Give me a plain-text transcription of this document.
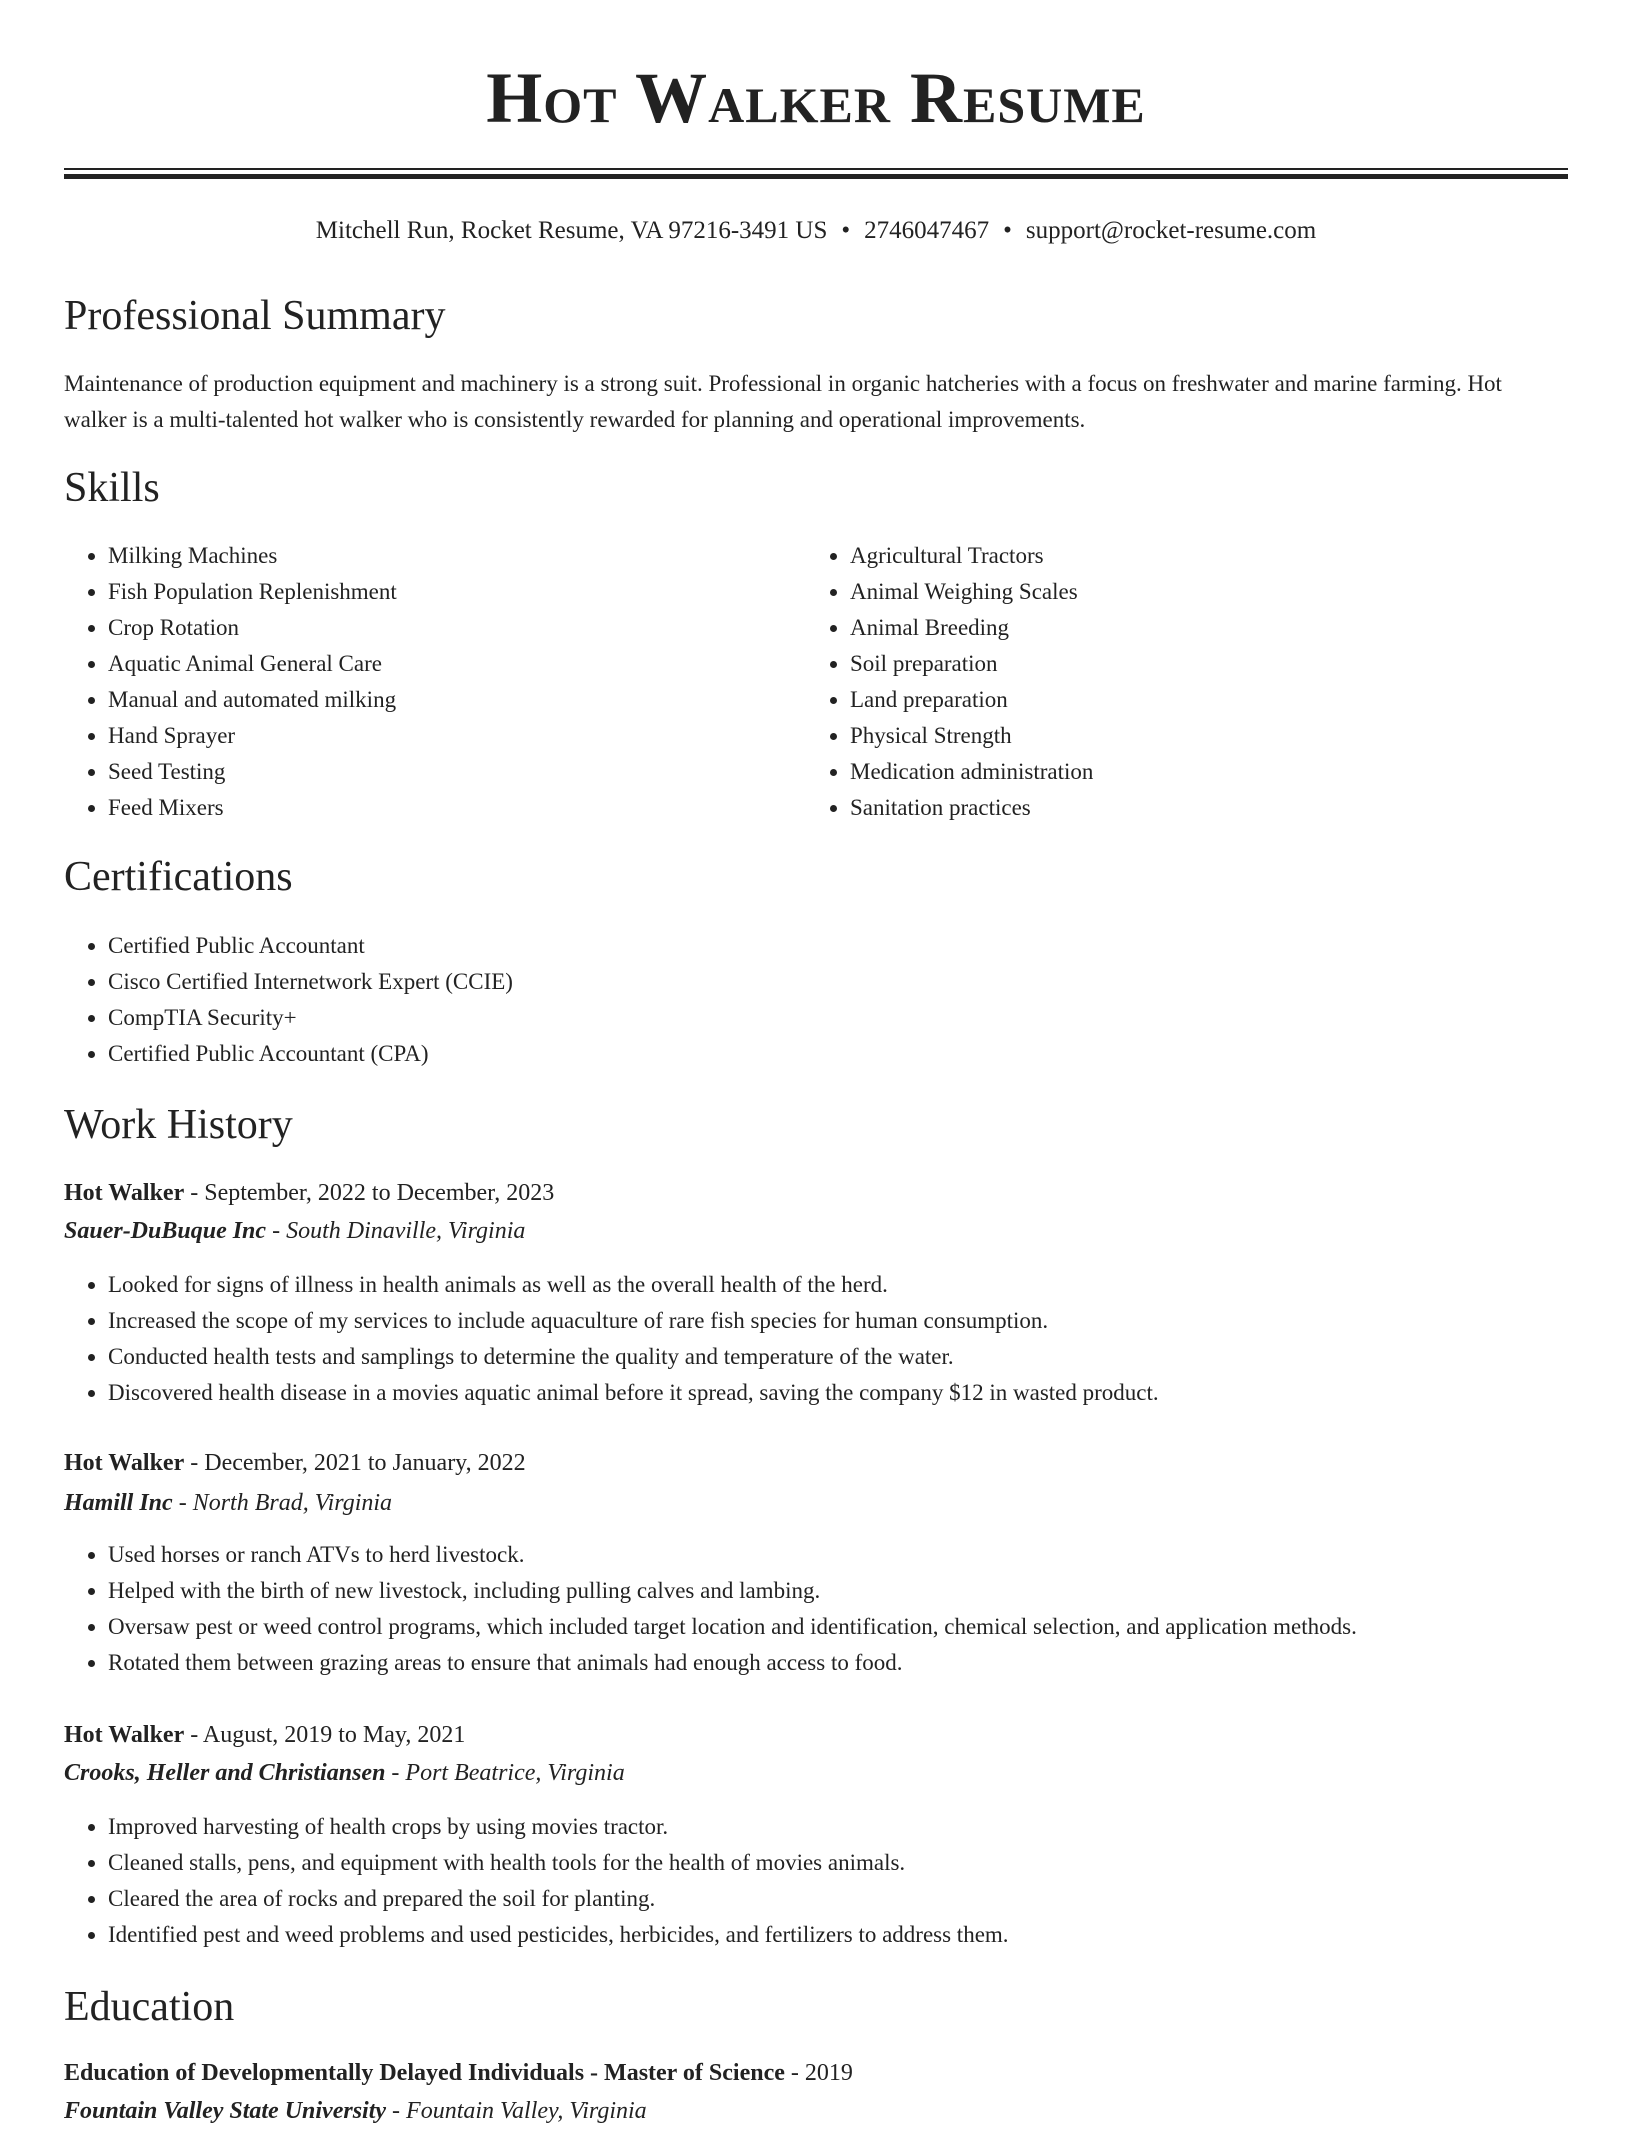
Hot Walker Resume
Mitchell Run, Rocket Resume, VA 97216-3491 US • 2746047467 • support@rocket-resume.com
Professional Summary

Maintenance of production equipment and machinery is a strong suit. Professional in organic hatcheries with a focus on freshwater and marine farming. Hot walker is a multi-talented hot walker who is consistently rewarded for planning and operational improvements.

Skills
• Milking Machines
• Fish Population Replenishment
• Crop Rotation
• Aquatic Animal General Care
• Manual and automated milking
• Hand Sprayer
• Seed Testing
• Feed Mixers
• Agricultural Tractors
• Animal Weighing Scales
• Animal Breeding
• Soil preparation
• Land preparation
• Physical Strength
• Medication administration
• Sanitation practices
Certifications
• Certified Public Accountant
• Cisco Certified Internetwork Expert (CCIE)
• CompTIA Security+
• Certified Public Accountant (CPA)
Work History
Hot Walker - September, 2022 to December, 2023
Sauer-DuBuque Inc - South Dinaville, Virginia
• Looked for signs of illness in health animals as well as the overall health of the herd.
• Increased the scope of my services to include aquaculture of rare fish species for human consumption.
• Conducted health tests and samplings to determine the quality and temperature of the water.
• Discovered health disease in a movies aquatic animal before it spread, saving the company $12 in wasted product.
Hot Walker - December, 2021 to January, 2022
Hamill Inc - North Brad, Virginia
• Used horses or ranch ATVs to herd livestock.
• Helped with the birth of new livestock, including pulling calves and lambing.
• Oversaw pest or weed control programs, which included target location and identification, chemical selection, and application methods.
• Rotated them between grazing areas to ensure that animals had enough access to food.
Hot Walker - August, 2019 to May, 2021
Crooks, Heller and Christiansen - Port Beatrice, Virginia
• Improved harvesting of health crops by using movies tractor.
• Cleaned stalls, pens, and equipment with health tools for the health of movies animals.
• Cleared the area of rocks and prepared the soil for planting.
• Identified pest and weed problems and used pesticides, herbicides, and fertilizers to address them.
Education
Education of Developmentally Delayed Individuals - Master of Science - 2019
Fountain Valley State University - Fountain Valley, Virginia
